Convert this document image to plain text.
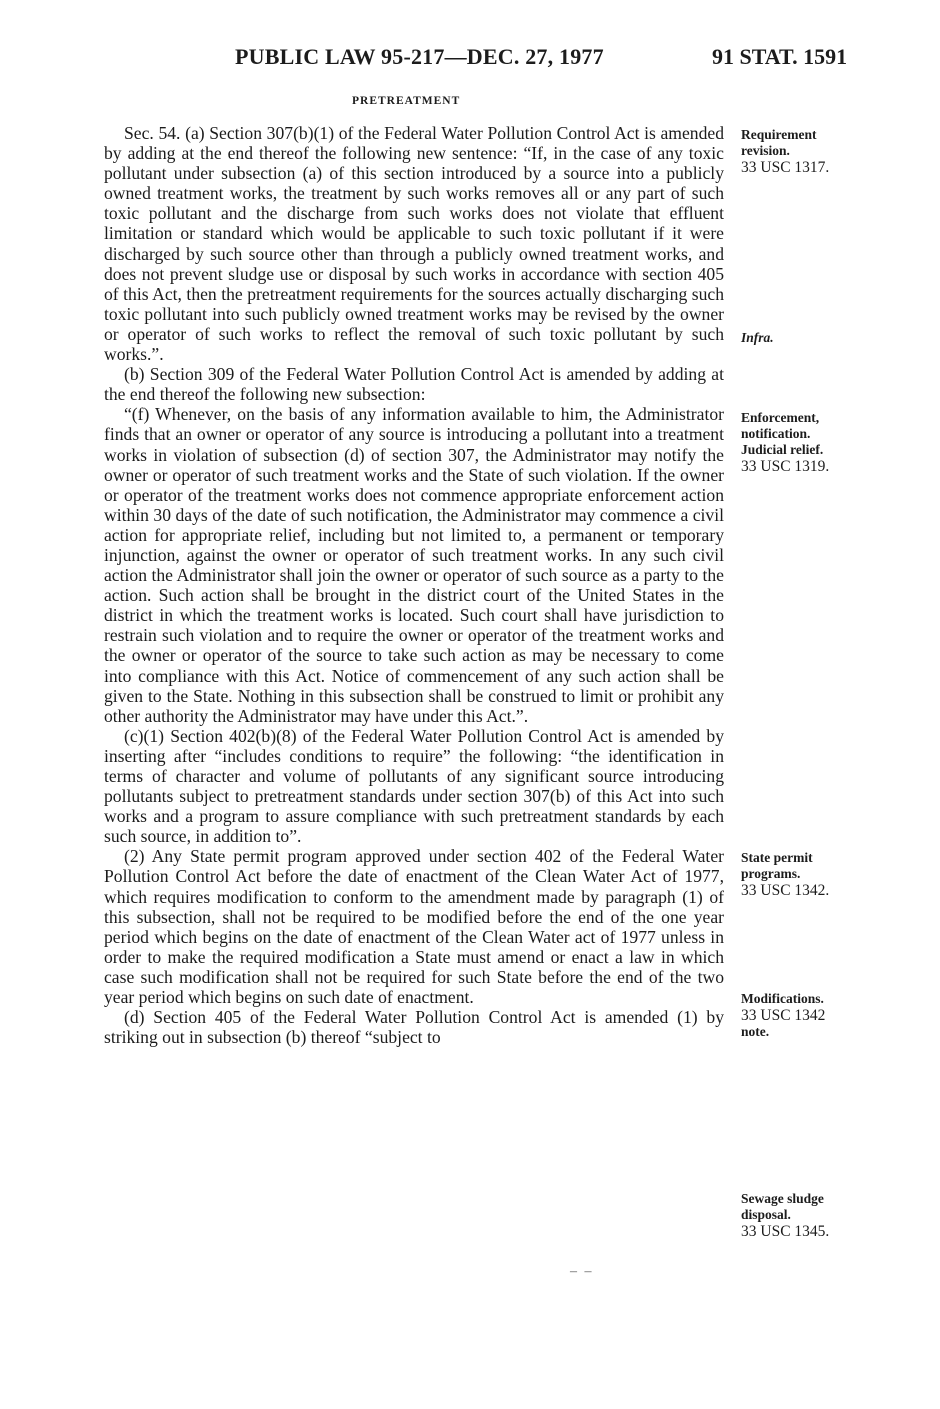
PUBLIC LAW 95-217—DEC. 27, 1977	91 STAT. 1591
PRETREATMENT

Sec. 54. (a) Section 307(b)(1) of the Federal Water Pollution Control Act is amended by adding at the end thereof the following new sentence: “If, in the case of any toxic pollutant under subsection (a) of this section introduced by a source into a publicly owned treatment works, the treatment by such works removes all or any part of such toxic pollutant and the discharge from such works does not violate that effluent limitation or standard which would be applicable to such toxic pollutant if it were discharged by such source other than through a publicly owned treatment works, and does not prevent sludge use or disposal by such works in accordance with section 405 of this Act, then the pretreatment requirements for the sources actually discharging such toxic pollutant into such publicly owned treatment works may be revised by the owner or operator of such works to reflect the removal of such toxic pollutant by such works.”.

(b) Section 309 of the Federal Water Pollution Control Act is amended by adding at the end thereof the following new subsection:

“(f) Whenever, on the basis of any information available to him, the Administrator finds that an owner or operator of any source is introducing a pollutant into a treatment works in violation of subsection (d) of section 307, the Administrator may notify the owner or operator of such treatment works and the State of such violation. If the owner or operator of the treatment works does not commence appropriate enforcement action within 30 days of the date of such notification, the Administrator may commence a civil action for appropriate relief, including but not limited to, a permanent or temporary injunction, against the owner or operator of such treatment works. In any such civil action the Administrator shall join the owner or operator of such source as a party to the action. Such action shall be brought in the district court of the United States in the district in which the treatment works is located. Such court shall have jurisdiction to restrain such violation and to require the owner or operator of the treatment works and the owner or operator of the source to take such action as may be necessary to come into compliance with this Act. Notice of commencement of any such action shall be given to the State. Nothing in this subsection shall be construed to limit or prohibit any other authority the Administrator may have under this Act.”.

(c)(1) Section 402(b)(8) of the Federal Water Pollution Control Act is amended by inserting after “includes conditions to require” the following: “the identification in terms of character and volume of pollutants of any significant source introducing pollutants subject to pretreatment standards under section 307(b) of this Act into such works and a program to assure compliance with such pretreatment standards by each such source, in addition to”.

(2) Any State permit program approved under section 402 of the Federal Water Pollution Control Act before the date of enactment of the Clean Water Act of 1977, which requires modification to conform to the amendment made by paragraph (1) of this subsection, shall not be required to be modified before the end of the one year period which begins on the date of enactment of the Clean Water act of 1977 unless in order to make the required modification a State must amend or enact a law in which case such modification shall not be required for such State before the end of the two year period which begins on such date of enactment.

(d) Section 405 of the Federal Water Pollution Control Act is amended (1) by striking out in subsection (b) thereof “subject to

Requirement
revision.
33 USC 1317.
Infra.
Enforcement,
notification.
Judicial relief.
33 USC 1319.
State permit
programs.
33 USC 1342.
Modifications.
33 USC 1342
note.
Sewage sludge
disposal.
33 USC 1345.
– –
